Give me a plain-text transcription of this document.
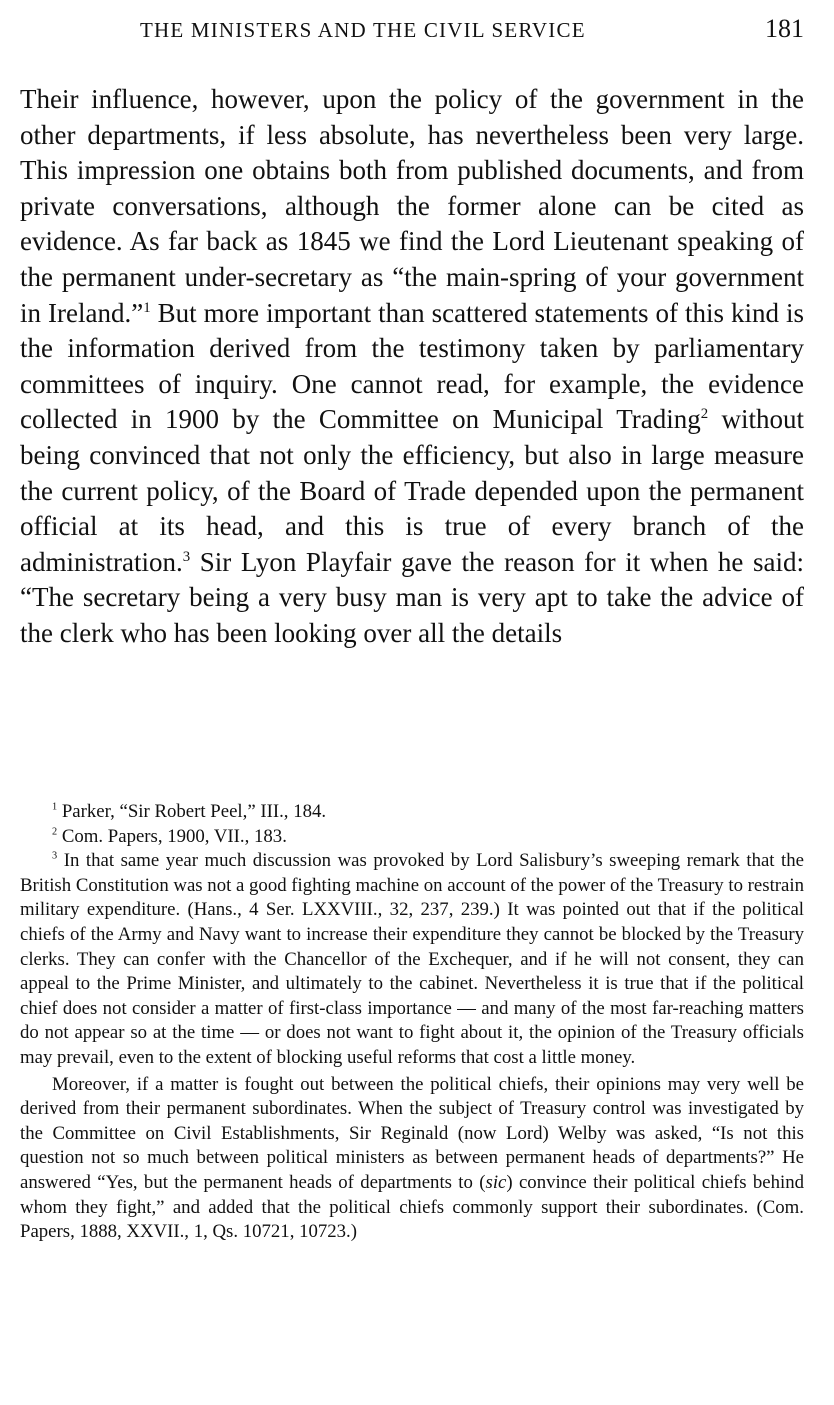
THE MINISTERS AND THE CIVIL SERVICE	181

Their influence, however, upon the policy of the government in the other departments, if less absolute, has nevertheless been very large. This impression one obtains both from published documents, and from private conversations, although the former alone can be cited as evidence. As far back as 1845 we find the Lord Lieutenant speaking of the permanent under-secretary as “the main-spring of your government in Ireland.”$^1$ But more important than scattered statements of this kind is the information derived from the testimony taken by parliamentary committees of inquiry. One cannot read, for example, the evidence collected in 1900 by the Committee on Municipal Trading$^2$ without being convinced that not only the efficiency, but also in large measure the current policy, of the Board of Trade depended upon the permanent official at its head, and this is true of every branch of the administration.$^3$ Sir Lyon Playfair gave the reason for it when he said: “The secretary being a very busy man is very apt to take the advice of the clerk who has been looking over all the details

$^1$ Parker, “Sir Robert Peel,” III., 184.

$^2$ Com. Papers, 1900, VII., 183.

$^3$ In that same year much discussion was provoked by Lord Salisbury’s sweeping remark that the British Constitution was not a good fighting machine on account of the power of the Treasury to restrain military expenditure. (Hans., 4 Ser. LXXVIII., 32, 237, 239.) It was pointed out that if the political chiefs of the Army and Navy want to increase their expenditure they cannot be blocked by the Treasury clerks. They can confer with the Chancellor of the Exchequer, and if he will not consent, they can appeal to the Prime Minister, and ultimately to the cabinet. Nevertheless it is true that if the political chief does not consider a matter of first-class importance — and many of the most far-reaching matters do not appear so at the time — or does not want to fight about it, the opinion of the Treasury officials may prevail, even to the extent of blocking useful reforms that cost a little money.

Moreover, if a matter is fought out between the political chiefs, their opinions may very well be derived from their permanent subordinates. When the subject of Treasury control was investigated by the Committee on Civil Establishments, Sir Reginald (now Lord) Welby was asked, “Is not this question not so much between political ministers as between permanent heads of departments?” He answered “Yes, but the permanent heads of departments to (sic) convince their political chiefs behind whom they fight,” and added that the political chiefs commonly support their subordinates. (Com. Papers, 1888, XXVII., 1, Qs. 10721, 10723.)
